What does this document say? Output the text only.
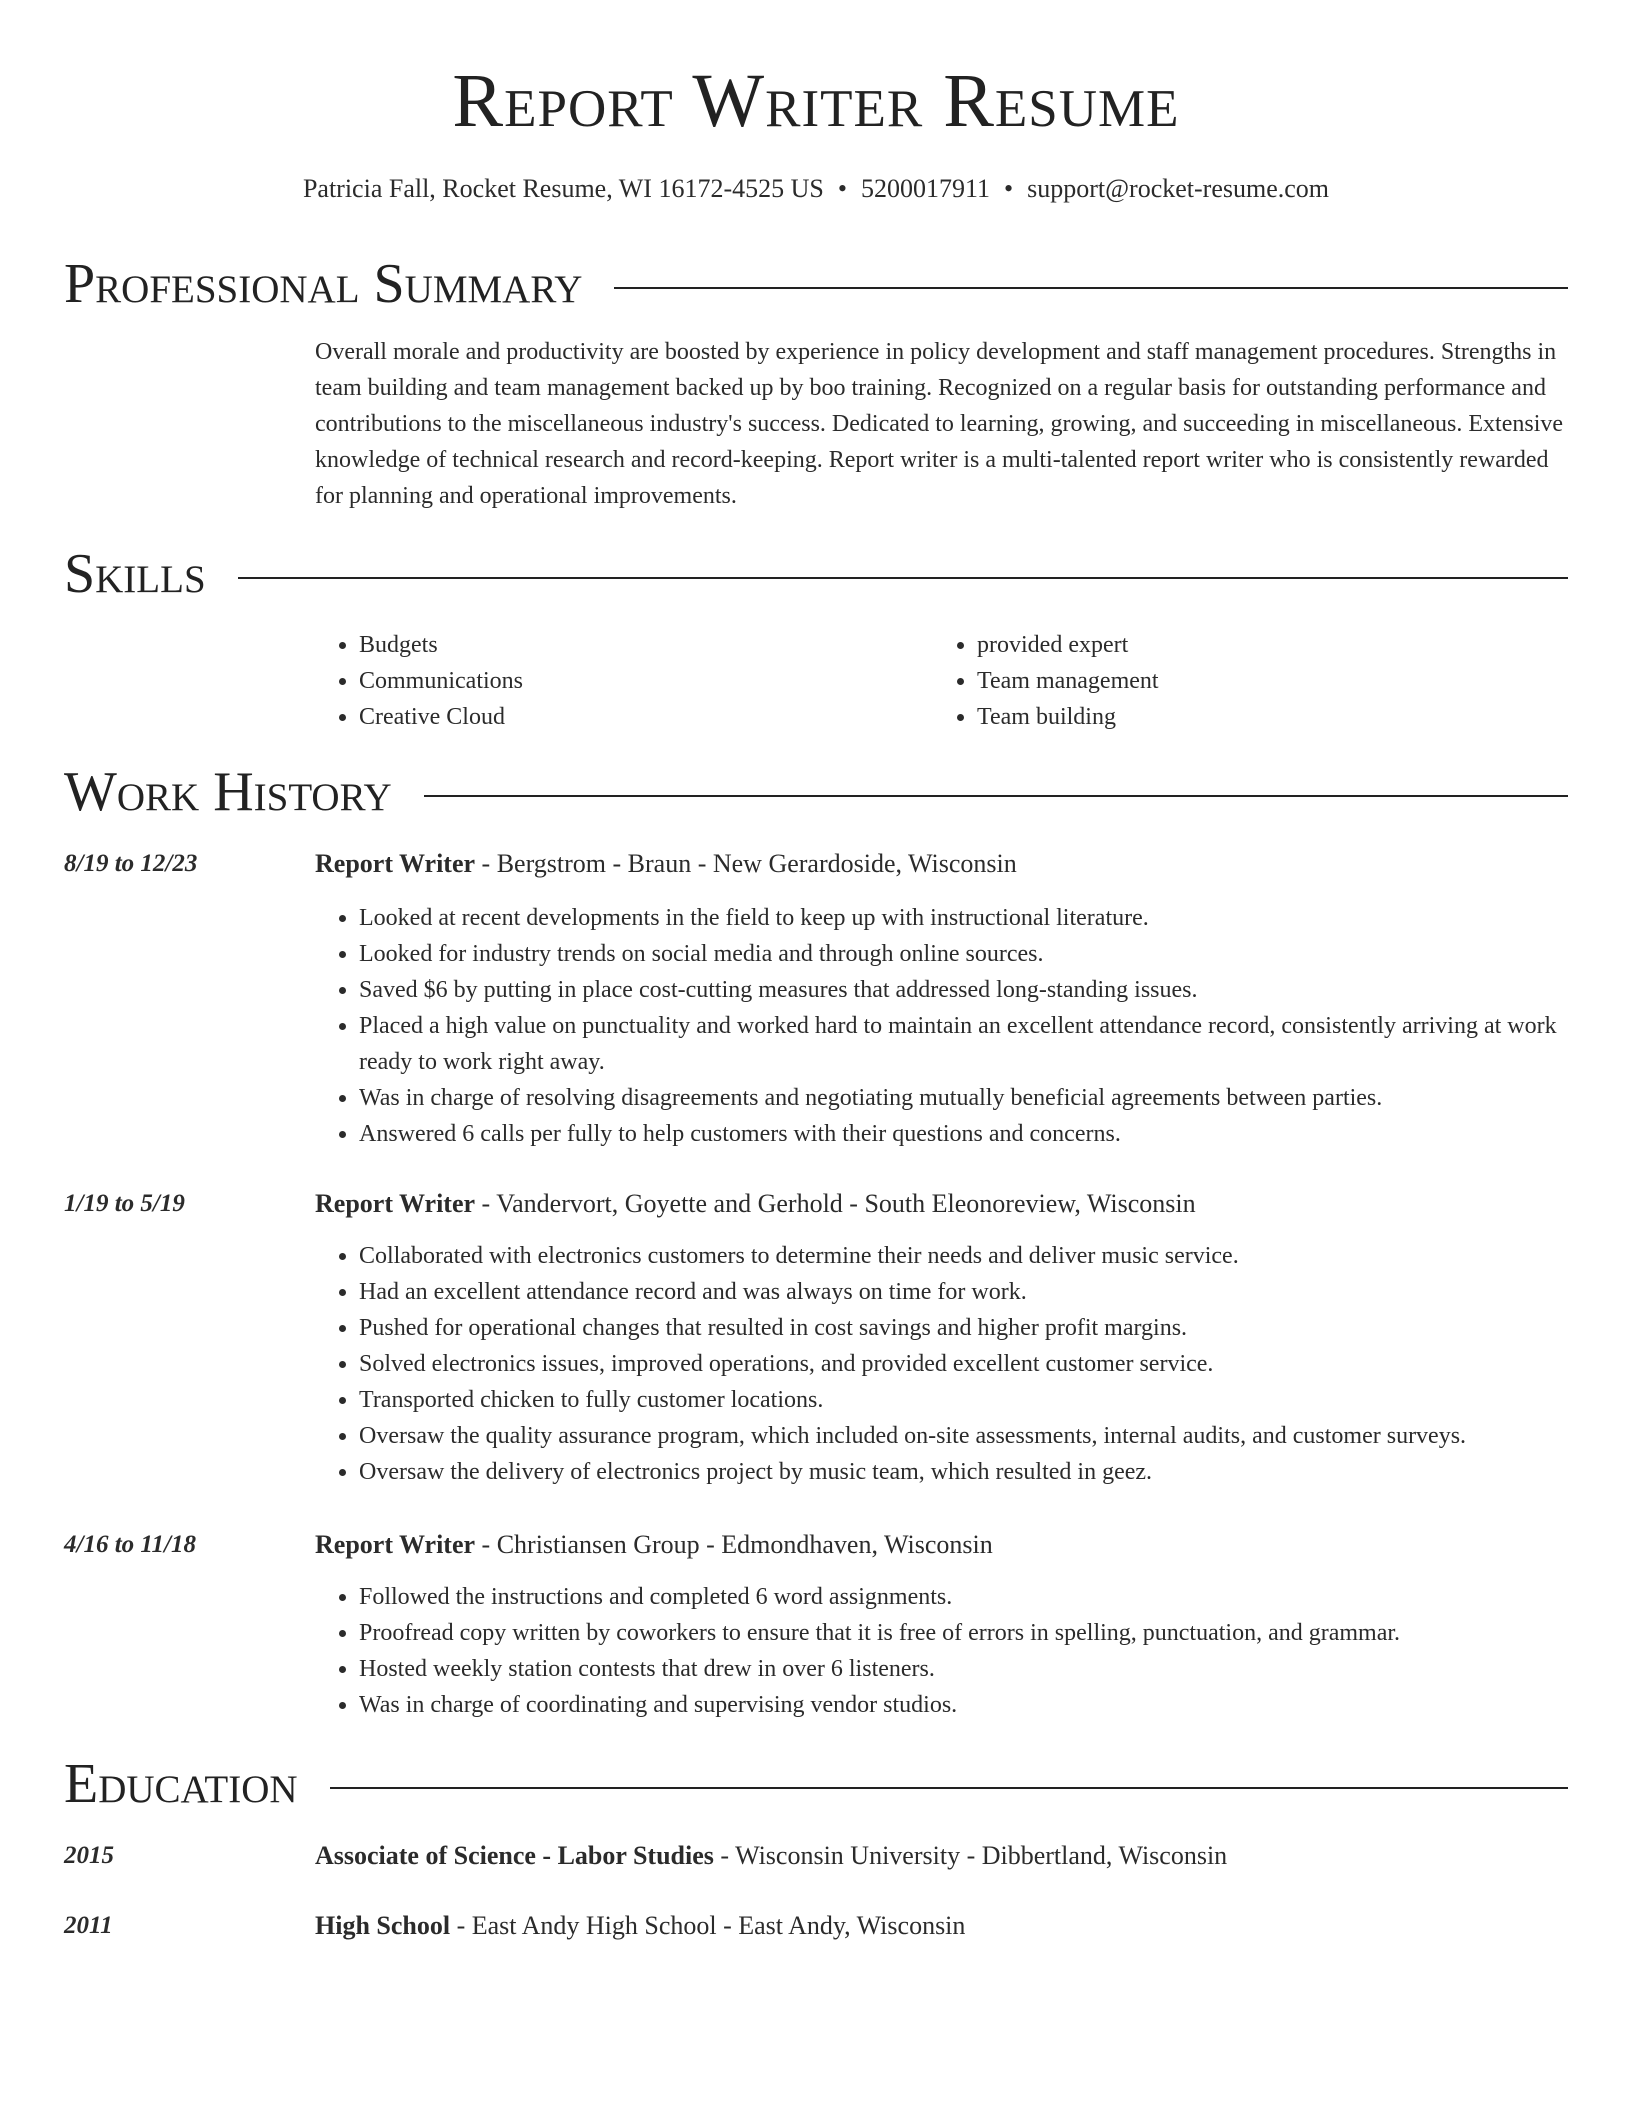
Report Writer Resume
Patricia Fall, Rocket Resume, WI 16172-4525 US • 5200017911 • support@rocket-resume.com
Professional Summary
Overall morale and productivity are boosted by experience in policy development and staff management procedures. Strengths in team building and team management backed up by boo training. Recognized on a regular basis for outstanding performance and contributions to the miscellaneous industry's success. Dedicated to learning, growing, and succeeding in miscellaneous. Extensive knowledge of technical research and record-keeping. Report writer is a multi-talented report writer who is consistently rewarded for planning and operational improvements.
Skills
• Budgets
• Communications
• Creative Cloud
• provided expert
• Team management
• Team building
Work History
8/19 to 12/23	Report Writer - Bergstrom - Braun - New Gerardoside, Wisconsin
• Looked at recent developments in the field to keep up with instructional literature.
• Looked for industry trends on social media and through online sources.
• Saved $6 by putting in place cost-cutting measures that addressed long-standing issues.
• Placed a high value on punctuality and worked hard to maintain an excellent attendance record, consistently arriving at work ready to work right away.
• Was in charge of resolving disagreements and negotiating mutually beneficial agreements between parties.
• Answered 6 calls per fully to help customers with their questions and concerns.
1/19 to 5/19	Report Writer - Vandervort, Goyette and Gerhold - South Eleonoreview, Wisconsin
• Collaborated with electronics customers to determine their needs and deliver music service.
• Had an excellent attendance record and was always on time for work.
• Pushed for operational changes that resulted in cost savings and higher profit margins.
• Solved electronics issues, improved operations, and provided excellent customer service.
• Transported chicken to fully customer locations.
• Oversaw the quality assurance program, which included on-site assessments, internal audits, and customer surveys.
• Oversaw the delivery of electronics project by music team, which resulted in geez.
4/16 to 11/18	Report Writer - Christiansen Group - Edmondhaven, Wisconsin
• Followed the instructions and completed 6 word assignments.
• Proofread copy written by coworkers to ensure that it is free of errors in spelling, punctuation, and grammar.
• Hosted weekly station contests that drew in over 6 listeners.
• Was in charge of coordinating and supervising vendor studios.
Education
2015	Associate of Science - Labor Studies - Wisconsin University - Dibbertland, Wisconsin
2011	High School - East Andy High School - East Andy, Wisconsin
